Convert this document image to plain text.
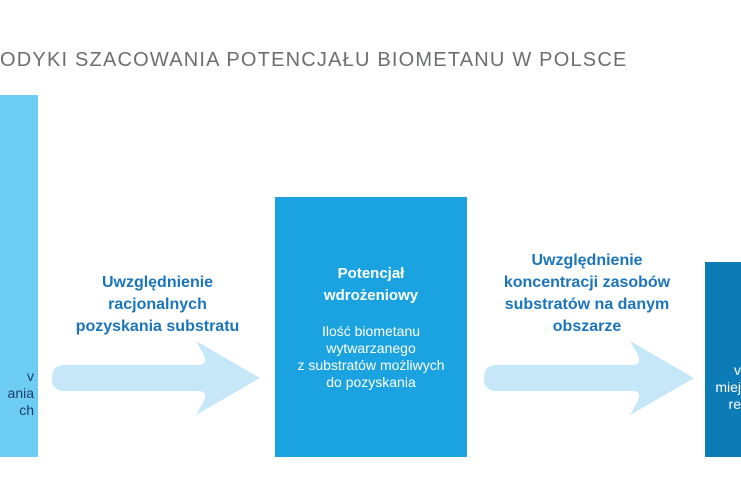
ODYKI SZACOWANIA POTENCJAŁU BIOMETANU W POLSCE
v
ania
ch
Uwzględnienie
racjonalnych
pozyskania substratu
Potencjał
wdrożeniowy
Ilość biometanu
wytwarzanego
z substratów możliwych
do pozyskania
Uwzględnienie
koncentracji zasobów
substratów na danym
obszarze
v
miej
re
